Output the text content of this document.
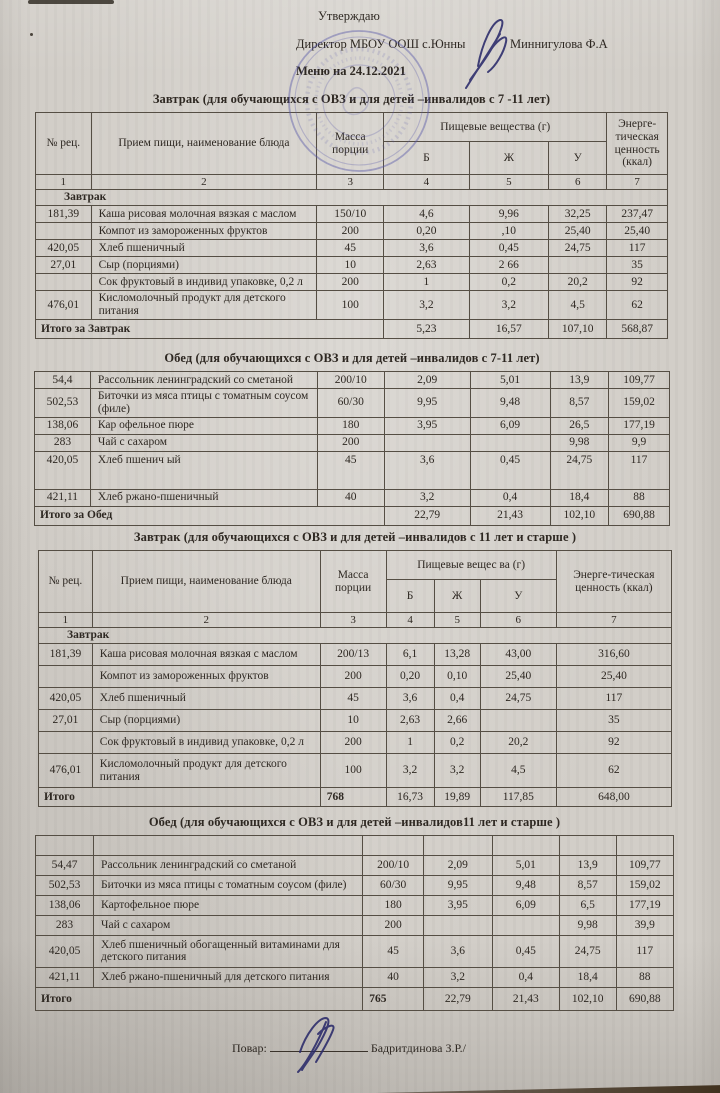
Утверждаю
Директор МБОУ ООШ с.Юнны	Миннигулова Ф.А
Меню на 24.12.2021
Завтрак (для обучающихся с ОВЗ и для детей –инвалидов с 7 -11 лет)
№ рец.	Прием пищи, наименование блюда	Масса порции	Пищевые вещества (г)			Энерге-тическая ценность (ккал)
			Б	Ж	У	
1	2	3	4	5	6	7
Завтрак						
181,39	Каша рисовая молочная вязкая с маслом	150/10	4,6	9,96	32,25	237,47
	Компот из замороженных фруктов	200	0,20	,10	25,40	25,40
420,05	Хлеб пшеничный	45	3,6	0,45	24,75	117
27,01	Сыр (порциями)	10	2,63	2 66		35
	Сок фруктовый в индивид упаковке, 0,2 л	200	1	0,2	20,2	92
476,01	Кисломолочный продукт для детского питания	100	3,2	3,2	4,5	62
Итого за Завтрак			5,23	16,57	107,10	568,87
Обед (для обучающихся с ОВЗ и для детей –инвалидов с 7-11 лет)
54,4	Рассольник ленинградский со сметаной	200/10	2,09	5,01	13,9	109,77
502,53	Биточки из мяса птицы с томатным соусом (филе)	60/30	9,95	9,48	8,57	159,02
138,06	Кар офельное пюре	180	3,95	6,09	26,5	177,19
283	Чай с сахаром	200			9,98	9,9
420,05	Хлеб пшенич ый	45	3,6	0,45	24,75	117
421,11	Хлеб ржано-пшеничный	40	3,2	0,4	18,4	88
Итого за Обед			22,79	21,43	102,10	690,88
Завтрак (для обучающихся с ОВЗ и для детей –инвалидов с 11 лет и старше )
№ рец.	Прием пищи, наименование блюда	Масса порции	Пищевые вещес ва (г)			Энерге-тическая ценность (ккал)
			Б	Ж	У	
1	2	3	4	5	6	7
Завтрак						
181,39	Каша рисовая молочная вязкая с маслом	200/13	6,1	13,28	43,00	316,60
	Компот из замороженных фруктов	200	0,20	0,10	25,40	25,40
420,05	Хлеб пшеничный	45	3,6	0,4	24,75	117
27,01	Сыр (порциями)	10	2,63	2,66		35
	Сок фруктовый в индивид упаковке, 0,2 л	200	1	0,2	20,2	92
476,01	Кисломолочный продукт для детского питания	100	3,2	3,2	4,5	62
Итого		768	16,73	19,89	117,85	648,00
Обед (для обучающихся с ОВЗ и для детей –инвалидов11 лет и старше )

54,47	Рассольник ленинградский со сметаной	200/10	2,09	5,01	13,9	109,77
502,53	Биточки из мяса птицы с томатным соусом (филе)	60/30	9,95	9,48	8,57	159,02
138,06	Картофельное пюре	180	3,95	6,09	6,5	177,19
283	Чай с сахаром	200			9,98	39,9
420,05	Хлеб пшеничный обогащенный витаминами для детского питания	45	3,6	0,45	24,75	117
421,11	Хлеб ржано-пшеничный для детского питания	40	3,2	0,4	18,4	88
Итого		765	22,79	21,43	102,10	690,88
Повар:	Бадритдинова З.Р./
